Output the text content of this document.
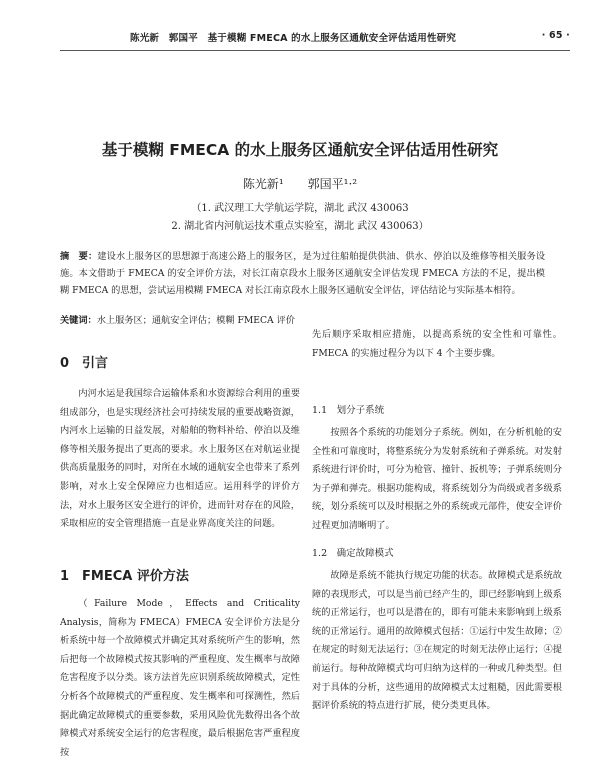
陈光新　郭国平　基于模糊 FMECA 的水上服务区通航安全评估适用性研究	· 65 ·
基于模糊 FMECA 的水上服务区通航安全评估适用性研究
陈光新¹　　郭国平¹·²
（1. 武汉理工大学航运学院，湖北 武汉 430063
2. 湖北省内河航运技术重点实验室，湖北 武汉 430063）
摘　要：建设水上服务区的思想源于高速公路上的服务区，是为过往船舶提供供油、供水、停泊以及维修等相关服务设施。本文借助于 FMECA 的安全评价方法，对长江南京段水上服务区通航安全评估发现 FMECA 方法的不足，提出模糊 FMECA 的思想，尝试运用模糊 FMECA 对长江南京段水上服务区通航安全评估，评估结论与实际基本相符。
关键词：水上服务区；通航安全评估；模糊 FMECA 评价
0　引言

内河水运是我国综合运输体系和水资源综合利用的重要组成部分，也是实现经济社会可持续发展的重要战略资源，内河水上运输的日益发展，对船舶的物料补给、停泊以及维修等相关服务提出了更高的要求。水上服务区在对航运业提供高质量服务的同时，对所在水域的通航安全也带来了系列影响，对水上安全保障应力也相适应。运用科学的评价方法，对水上服务区安全进行的评价，进而针对存在的风险，采取相应的安全管理措施一直是业界高度关注的问题。

1　FMECA 评价方法

（Failure Mode，Effects and Criticality Analysis，简称为 FMECA）FMECA 安全评价方法是分析系统中每一个故障模式并确定其对系统所产生的影响，然后把每一个故障模式按其影响的严重程度、发生概率与故障危害程度予以分类。该方法首先应识别系统故障模式，定性分析各个故障模式的严重程度、发生概率和可探测性，然后据此确定故障模式的重要参数，采用风险优先数得出各个故障模式对系统安全运行的危害程度，最后根据危害严重程度按

先后顺序采取相应措施，以提高系统的安全性和可靠性。FMECA 的实施过程分为以下 4 个主要步骤。

1.1　划分子系统

按照各个系统的功能划分子系统。例如，在分析机舱的安全性和可靠度时，将整系统分为发射系统和子弹系统。对发射系统进行评价时，可分为枪管、撞针、扳机等；子弹系统则分为子弹和弹壳。根据功能构成，将系统划分为尚级或者多级系统，划分系统可以及时根据之外的系统或元部件，使安全评价过程更加清晰明了。

1.2　确定故障模式

故障是系统不能执行规定功能的状态。故障模式是系统故障的表现形式，可以是当前已经产生的，即已经影响到上级系统的正常运行，也可以是潜在的，即有可能未来影响到上级系统的正常运行。通用的故障模式包括：①运行中发生故障；②在规定的时刻无法运行；③在规定的时刻无法停止运行；④提前运行。每种故障模式均可归纳为这样的一种或几种类型。但对于具体的分析，这些通用的故障模式太过粗糙，因此需要根据评价系统的特点进行扩展，使分类更具体。
